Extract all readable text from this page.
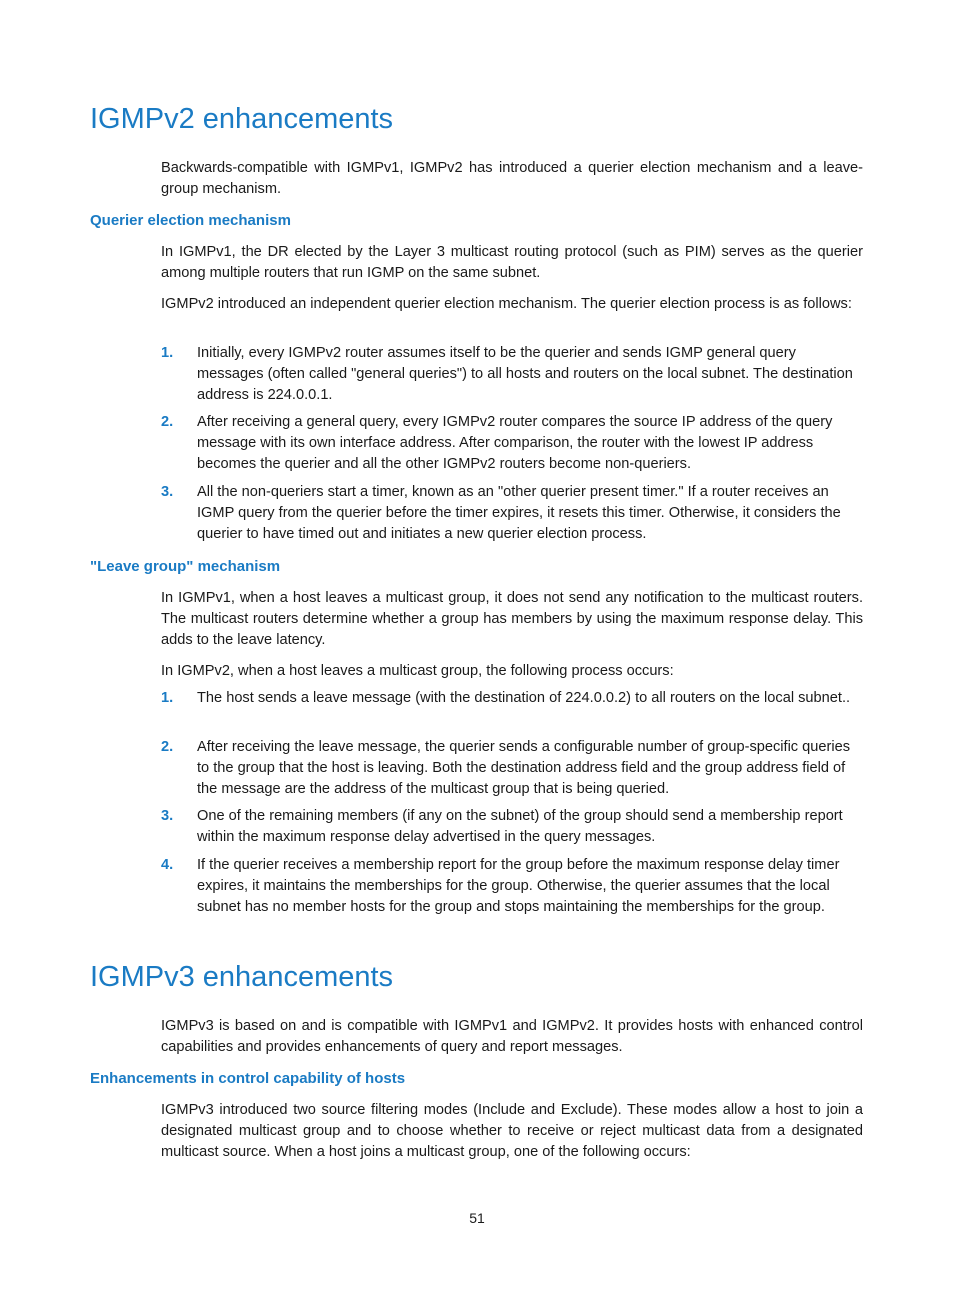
IGMPv2 enhancements

Backwards-compatible with IGMPv1, IGMPv2 has introduced a querier election mechanism and a leave-group mechanism.

Querier election mechanism

In IGMPv1, the DR elected by the Layer 3 multicast routing protocol (such as PIM) serves as the querier among multiple routers that run IGMP on the same subnet.

IGMPv2 introduced an independent querier election mechanism. The querier election process is as follows:

1.	Initially, every IGMPv2 router assumes itself to be the querier and sends IGMP general query messages (often called "general queries") to all hosts and routers on the local subnet. The destination address is 224.0.0.1.
2.	After receiving a general query, every IGMPv2 router compares the source IP address of the query message with its own interface address. After comparison, the router with the lowest IP address becomes the querier and all the other IGMPv2 routers become non-queriers.
3.	All the non-queriers start a timer, known as an "other querier present timer." If a router receives an IGMP query from the querier before the timer expires, it resets this timer. Otherwise, it considers the querier to have timed out and initiates a new querier election process.
"Leave group" mechanism

In IGMPv1, when a host leaves a multicast group, it does not send any notification to the multicast routers. The multicast routers determine whether a group has members by using the maximum response delay. This adds to the leave latency.

In IGMPv2, when a host leaves a multicast group, the following process occurs:

1.	The host sends a leave message (with the destination of 224.0.0.2) to all routers on the local subnet..
2.	After receiving the leave message, the querier sends a configurable number of group-specific queries to the group that the host is leaving. Both the destination address field and the group address field of the message are the address of the multicast group that is being queried.
3.	One of the remaining members (if any on the subnet) of the group should send a membership report within the maximum response delay advertised in the query messages.
4.	If the querier receives a membership report for the group before the maximum response delay timer expires, it maintains the memberships for the group. Otherwise, the querier assumes that the local subnet has no member hosts for the group and stops maintaining the memberships for the group.
IGMPv3 enhancements

IGMPv3 is based on and is compatible with IGMPv1 and IGMPv2. It provides hosts with enhanced control capabilities and provides enhancements of query and report messages.

Enhancements in control capability of hosts

IGMPv3 introduced two source filtering modes (Include and Exclude). These modes allow a host to join a designated multicast group and to choose whether to receive or reject multicast data from a designated multicast source. When a host joins a multicast group, one of the following occurs:

51
